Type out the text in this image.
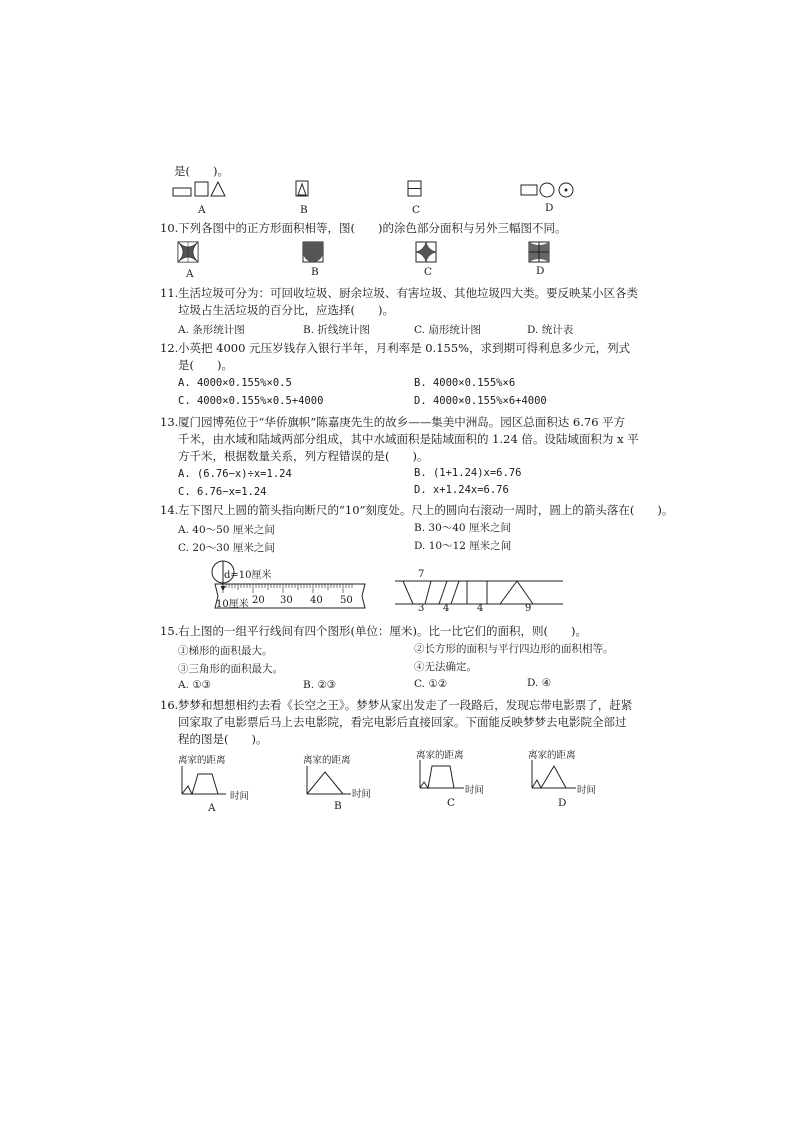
是(　　)。
A	B	C	D
10. 下列各图中的正方形面积相等，图(　　)的涂色部分面积与另外三幅图不同。
A	B	C	D
11. 生活垃圾可分为：可回收垃圾、厨余垃圾、有害垃圾、其他垃圾四大类。要反映某小区各类
垃圾占生活垃圾的百分比，应选择(　　)。
A. 条形统计图	B. 折线统计图	C. 扇形统计图	D. 统计表
12. 小英把 4000 元压岁钱存入银行半年，月利率是 0.155%，求到期可得利息多少元，列式
是(　　)。
A. 4000×0.155%×0.5	B. 4000×0.155%×6
C. 4000×0.155%×0.5+4000	D. 4000×0.155%×6+4000
13. 厦门园博苑位于“华侨旗帜”陈嘉庚先生的故乡——集美中洲岛。园区总面积达 6.76 平方
千米，由水域和陆域两部分组成，其中水域面积是陆域面积的 1.24 倍。设陆域面积为 x 平
方千米，根据数量关系，列方程错误的是(　　)。
A. (6.76−x)÷x=1.24	B. (1+1.24)x=6.76
C. 6.76−x=1.24	D. x+1.24x=6.76
14. 左下图尺上圆的箭头指向断尺的“10”刻度处。尺上的圆向右滚动一周时，圆上的箭头落在(　　)。
A. 40～50 厘米之间	B. 30～40 厘米之间
C. 20～30 厘米之间	D. 10～12 厘米之间
d=10厘米
10厘米 20 30 40 50
7
3 4	4	9
15. 右上图的一组平行线间有四个图形(单位：厘米)。比一比它们的面积，则(　　)。
①梯形的面积最大。	②长方形的面积与平行四边形的面积相等。
③三角形的面积最大。	④无法确定。
A. ①③	B. ②③	C. ①②	D. ④
16. 梦梦和想想相约去看《长空之王》。梦梦从家出发走了一段路后，发现忘带电影票了，赶紧
回家取了电影票后马上去电影院，看完电影后直接回家。下面能反映梦梦去电影院全部过
程的图是(　　)。
离家的距离
时间
A
离家的距离
时间
B
离家的距离
时间
C
离家的距离
时间
D
